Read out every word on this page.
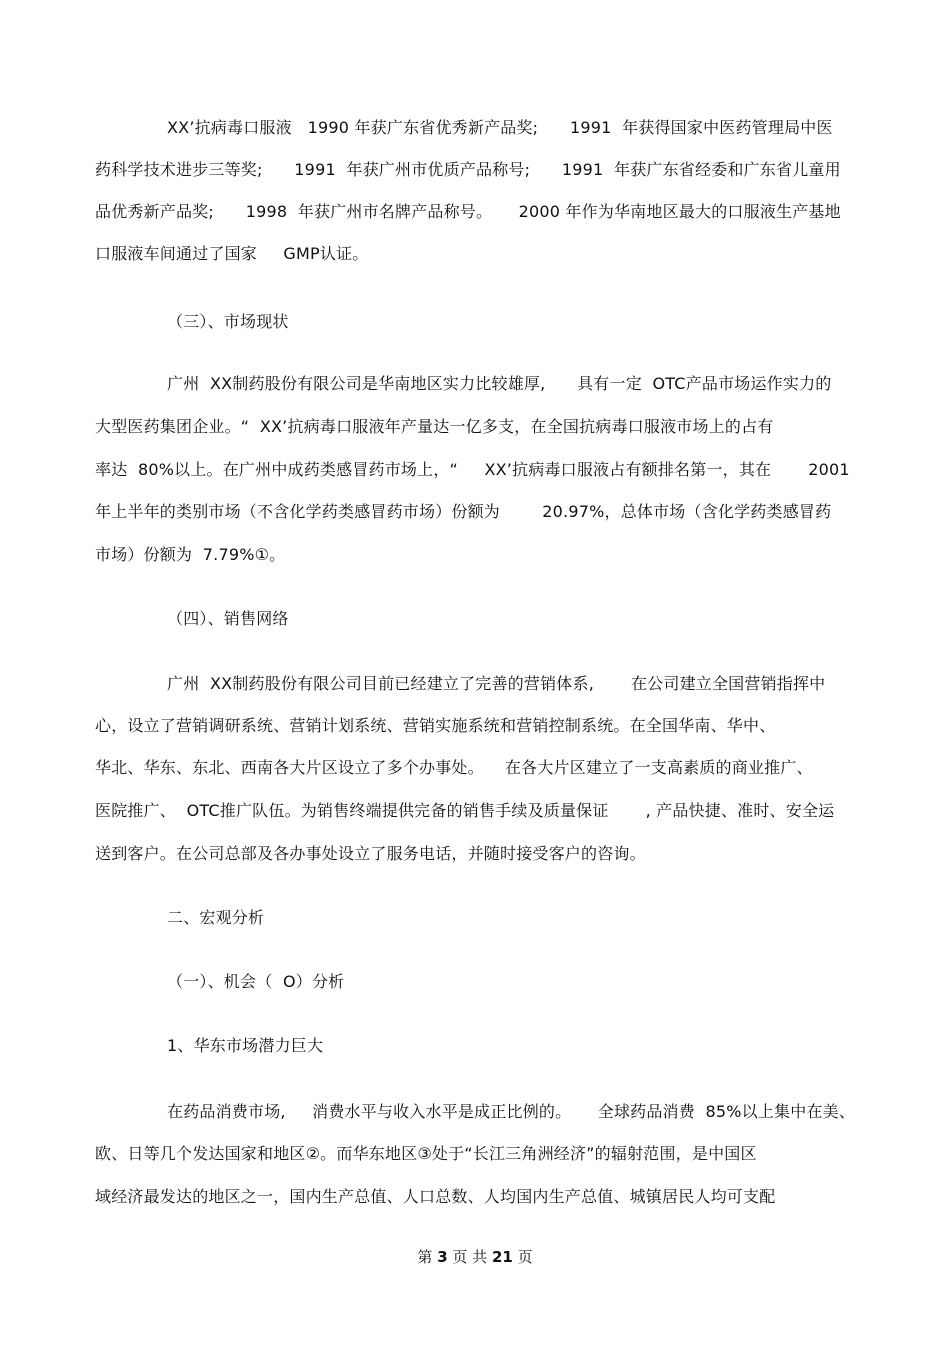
XX’抗病毒口服液   1990 年获广东省优秀新产品奖;      1991  年获得国家中医药管理局中医
药科学技术进步三等奖;      1991  年获广州市优质产品称号;      1991  年获广东省经委和广东省儿童用
品优秀新产品奖;      1998  年获广州市名牌产品称号。     2000 年作为华南地区最大的口服液生产基地
口服液车间通过了国家     GMP认证。
（三）、市场现状
广州  XX制药股份有限公司是华南地区实力比较雄厚,      具有一定  OTC产品市场运作实力的
大型医药集团企业。“  XX’抗病毒口服液年产量达一亿多支，在全国抗病毒口服液市场上的占有
率达  80%以上。在广州中成药类感冒药市场上，“     XX’抗病毒口服液占有额排名第一，其在       2001
年上半年的类别市场（不含化学药类感冒药市场）份额为        20.97%，总体市场（含化学药类感冒药
市场）份额为  7.79%①。
（四）、销售网络
广州  XX制药股份有限公司目前已经建立了完善的营销体系,       在公司建立全国营销指挥中
心，设立了营销调研系统、营销计划系统、营销实施系统和营销控制系统。在全国华南、华中、
华北、华东、东北、西南各大片区设立了多个办事处。    在各大片区建立了一支高素质的商业推广、
医院推广、  OTC推广队伍。为销售终端提供完备的销售手续及质量保证       , 产品快捷、准时、安全运
送到客户。在公司总部及各办事处设立了服务电话，并随时接受客户的咨询。
二、宏观分析
（一）、机会（  O）分析
1、华东市场潜力巨大
在药品消费市场,     消费水平与收入水平是成正比例的。     全球药品消费  85%以上集中在美、
欧、日等几个发达国家和地区②。而华东地区③处于“长江三角洲经济”的辐射范围，是中国区
域经济最发达的地区之一，国内生产总值、人口总数、人均国内生产总值、城镇居民人均可支配
第 3 页 共 21 页
